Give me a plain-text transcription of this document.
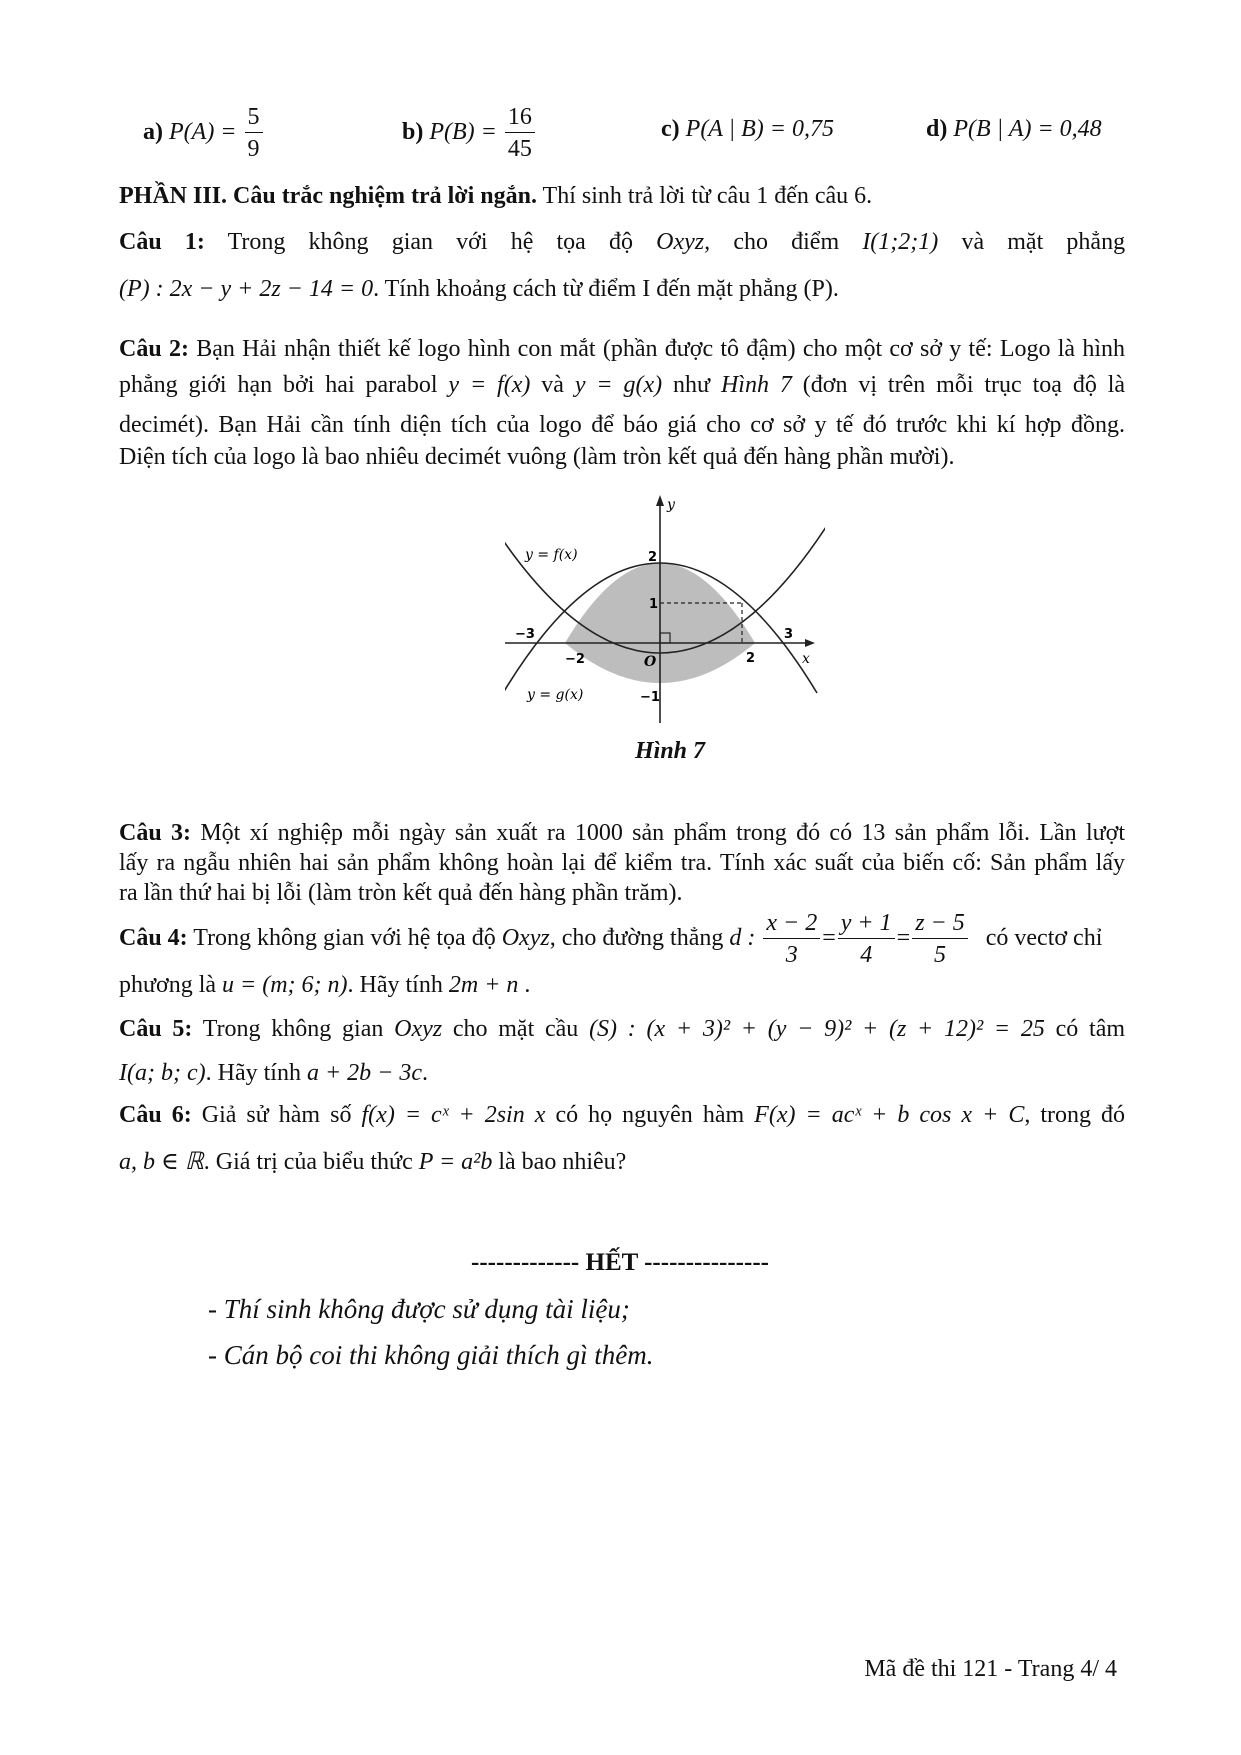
a) $P(A) = \frac{5}{9}$	b) $P(B) = \frac{16}{45}$	c) P(A | B) = 0,75	d) P(B | A) = 0,48
PHẦN III. Câu trắc nghiệm trả lời ngắn. Thí sinh trả lời từ câu 1 đến câu 6.
Câu 1: Trong không gian với hệ tọa độ Oxyz, cho điểm I(1;2;1) và mặt phẳng
(P) : 2x − y + 2z − 14 = 0. Tính khoảng cách từ điểm I đến mặt phẳng (P).
Câu 2: Bạn Hải nhận thiết kế logo hình con mắt (phần được tô đậm) cho một cơ sở y tế: Logo là hình
phẳng giới hạn bởi hai parabol y = f(x) và y = g(x) như Hình 7 (đơn vị trên mỗi trục toạ độ là
decimét). Bạn Hải cần tính diện tích của logo để báo giá cho cơ sở y tế đó trước khi kí hợp đồng.
Diện tích của logo là bao nhiêu decimét vuông (làm tròn kết quả đến hàng phần mười).
y
x
O
2
1
−1
−3
−2	2
3
y = f(x)
y = g(x)
Hình 7
Câu 3: Một xí nghiệp mỗi ngày sản xuất ra 1000 sản phẩm trong đó có 13 sản phẩm lỗi. Lần lượt
lấy ra ngẫu nhiên hai sản phẩm không hoàn lại để kiểm tra. Tính xác suất của biến cố: Sản phẩm lấy
ra lần thứ hai bị lỗi (làm tròn kết quả đến hàng phần trăm).
Câu 4: Trong không gian với hệ tọa độ Oxyz, cho đường thẳng d : $\frac{x - 2}{3} = \frac{y + 1}{4} = \frac{z - 5}{5}$ có vectơ chỉ
phương là u = (m; 6; n). Hãy tính 2m + n .
Câu 5: Trong không gian Oxyz cho mặt cầu (S) : (x + 3)² + (y − 9)² + (z + 12)² = 25 có tâm
I(a; b; c). Hãy tính a + 2b − 3c.
Câu 6: Giả sử hàm số f(x) = cˣ + 2sin x có họ nguyên hàm F(x) = acˣ + b cos x + C, trong đó
a, b ∈ ℝ. Giá trị của biểu thức P = a²b là bao nhiêu?
------------- HẾT ---------------
- Thí sinh không được sử dụng tài liệu;
- Cán bộ coi thi không giải thích gì thêm.
Mã đề thi 121 - Trang 4/ 4
